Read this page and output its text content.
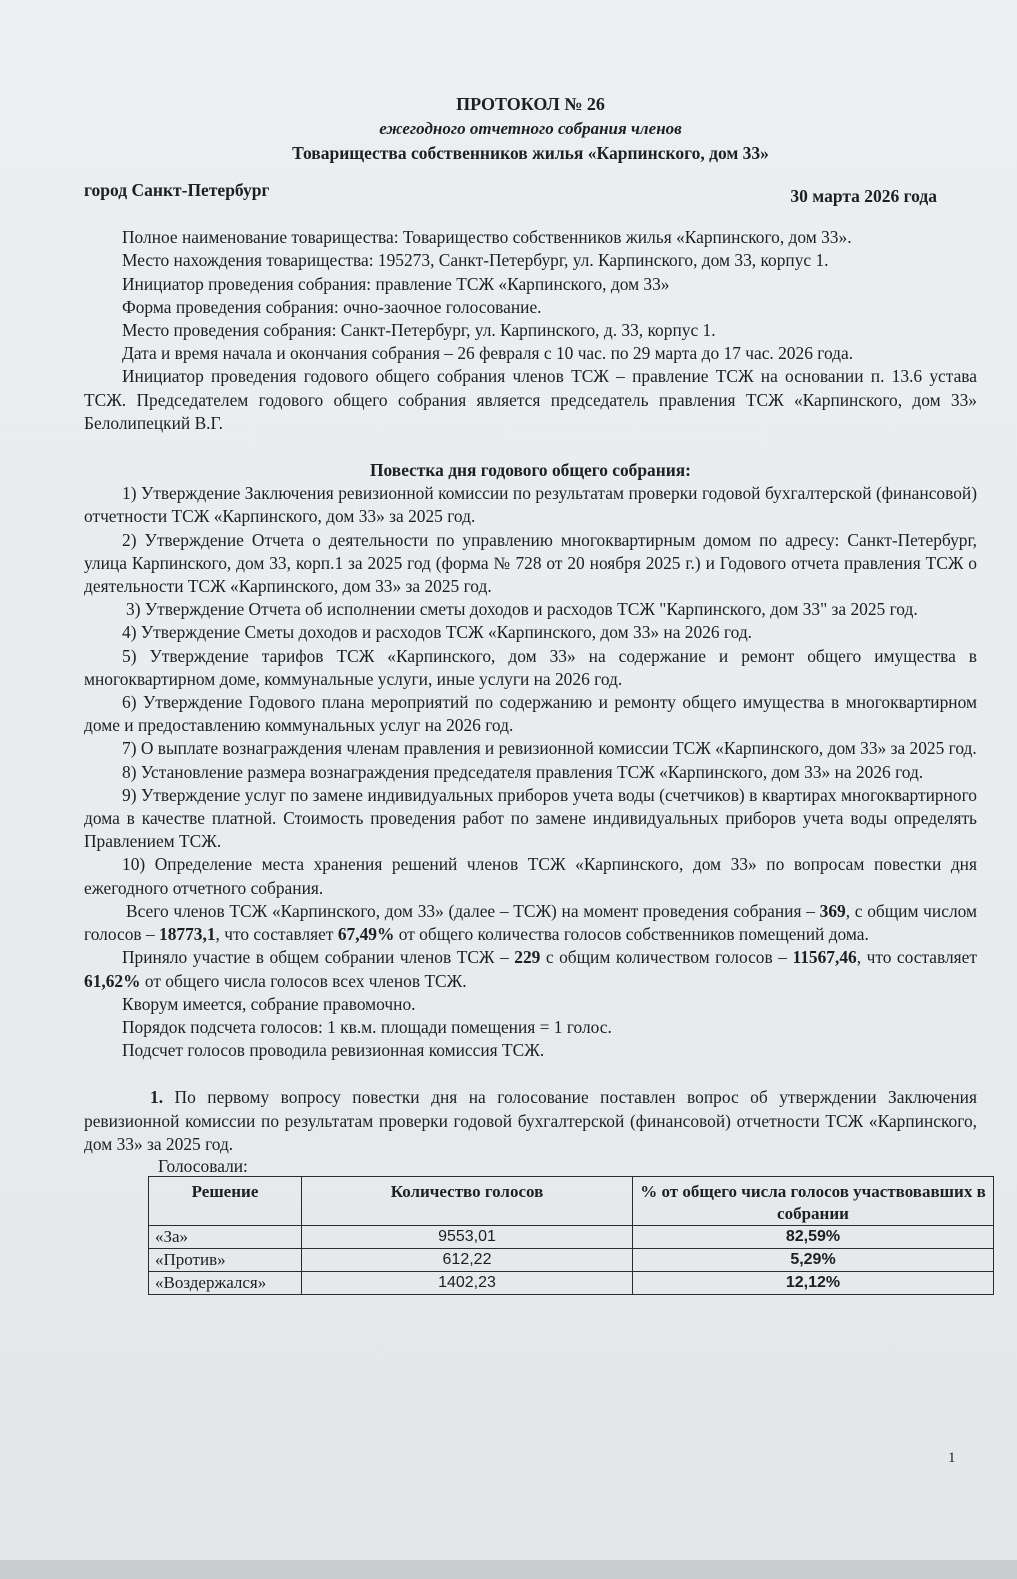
ПРОТОКОЛ № 26
ежегодного отчетного собрания членов
Товарищества собственников жилья «Карпинского, дом 33»
город Санкт-Петербург	30 марта 2026 года

Полное наименование товарищества: Товарищество собственников жилья «Карпинского, дом 33».

Место нахождения товарищества: 195273, Санкт-Петербург, ул. Карпинского, дом 33, корпус 1.

Инициатор проведения собрания: правление ТСЖ «Карпинского, дом 33»

Форма проведения собрания: очно-заочное голосование.

Место проведения собрания: Санкт-Петербург, ул. Карпинского, д. 33, корпус 1.

Дата и время начала и окончания собрания – 26 февраля с 10 час. по 29 марта до 17 час. 2026 года.

Инициатор проведения годового общего собрания членов ТСЖ – правление ТСЖ на основании п. 13.6 устава ТСЖ. Председателем годового общего собрания является председатель правления ТСЖ «Карпинского, дом 33» Белолипецкий В.Г.

Повестка дня годового общего собрания:

1) Утверждение Заключения ревизионной комиссии по результатам проверки годовой бухгалтерской (финансовой) отчетности ТСЖ «Карпинского, дом 33» за 2025 год.

2) Утверждение Отчета о деятельности по управлению многоквартирным домом по адресу: Санкт-Петербург, улица Карпинского, дом 33, корп.1 за 2025 год (форма № 728 от 20 ноября 2025 г.) и Годового отчета правления ТСЖ о деятельности ТСЖ «Карпинского, дом 33» за 2025 год.

3) Утверждение Отчета об исполнении сметы доходов и расходов ТСЖ "Карпинского, дом 33" за 2025 год.

4) Утверждение Сметы доходов и расходов ТСЖ «Карпинского, дом 33» на 2026 год.

5) Утверждение тарифов ТСЖ «Карпинского, дом 33» на содержание и ремонт общего имущества в многоквартирном доме, коммунальные услуги, иные услуги на 2026 год.

6) Утверждение Годового плана мероприятий по содержанию и ремонту общего имущества в многоквартирном доме и предоставлению коммунальных услуг на 2026 год.

7) О выплате вознаграждения членам правления и ревизионной комиссии ТСЖ «Карпинского, дом 33» за 2025 год.

8) Установление размера вознаграждения председателя правления ТСЖ «Карпинского, дом 33» на 2026 год.

9) Утверждение услуг по замене индивидуальных приборов учета воды (счетчиков) в квартирах многоквартирного дома в качестве платной. Стоимость проведения работ по замене индивидуальных приборов учета воды определять Правлением ТСЖ.

10) Определение места хранения решений членов ТСЖ «Карпинского, дом 33» по вопросам повестки дня ежегодного отчетного собрания.

Всего членов ТСЖ «Карпинского, дом 33» (далее – ТСЖ) на момент проведения собрания – 369, с общим числом голосов – 18773,1, что составляет 67,49% от общего количества голосов собственников помещений дома.

Приняло участие в общем собрании членов ТСЖ – 229 с общим количеством голосов – 11567,46, что составляет 61,62% от общего числа голосов всех членов ТСЖ.

Кворум имеется, собрание правомочно.

Порядок подсчета голосов: 1 кв.м. площади помещения = 1 голос.

Подсчет голосов проводила ревизионная комиссия ТСЖ.

1. По первому вопросу повестки дня на голосование поставлен вопрос об утверждении Заключения ревизионной комиссии по результатам проверки годовой бухгалтерской (финансовой) отчетности ТСЖ «Карпинского, дом 33» за 2025 год.

Голосовали:
Решение	Количество голосов	% от общего числа голосов участвовавших в собрании
«За»	9553,01	82,59%
«Против»	612,22	5,29%
«Воздержался»	1402,23	12,12%
1
